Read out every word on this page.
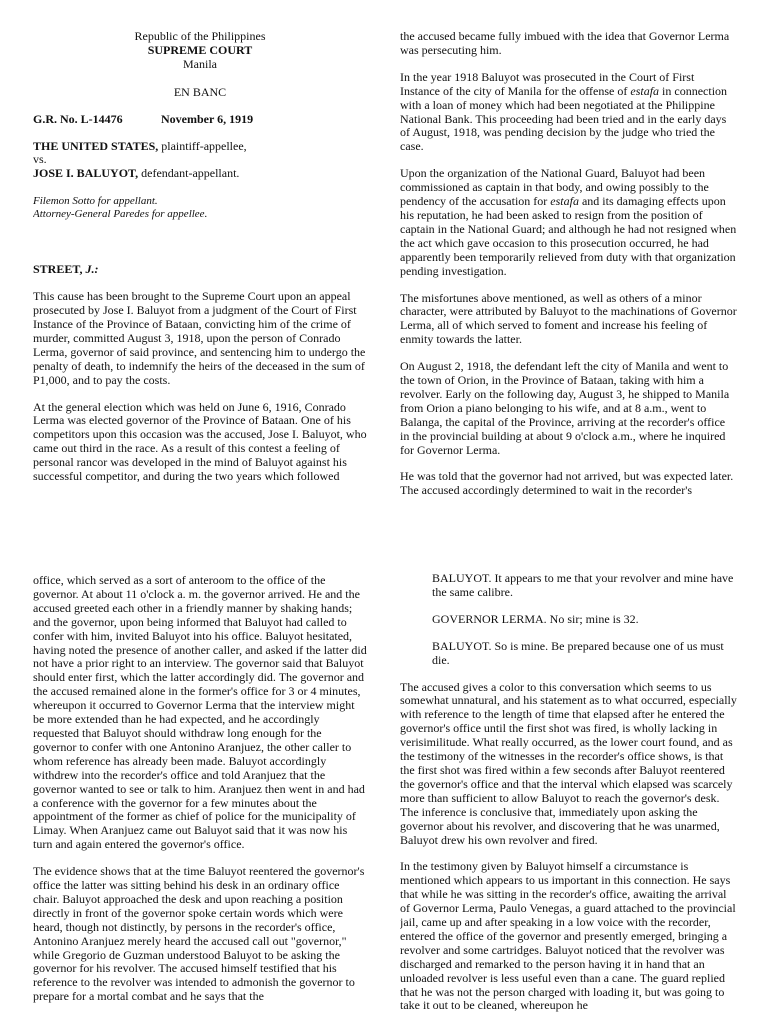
Republic of the Philippines
SUPREME COURT
Manila
EN BANC
G.R. No. L-14476	November 6, 1919
THE UNITED STATES, plaintiff-appellee,
vs.
JOSE I. BALUYOT, defendant-appellant.
Filemon Sotto for appellant.
Attorney-General Paredes for appellee.
STREET, J.:

This cause has been brought to the Supreme Court upon an appeal prosecuted by Jose I. Baluyot from a judgment of the Court of First Instance of the Province of Bataan, convicting him of the crime of murder, committed August 3, 1918, upon the person of Conrado Lerma, governor of said province, and sentencing him to undergo the penalty of death, to indemnify the heirs of the deceased in the sum of P1,000, and to pay the costs.

At the general election which was held on June 6, 1916, Conrado Lerma was elected governor of the Province of Bataan. One of his competitors upon this occasion was the accused, Jose I. Baluyot, who came out third in the race. As a result of this contest a feeling of personal rancor was developed in the mind of Baluyot against his successful competitor, and during the two years which followed

the accused became fully imbued with the idea that Governor Lerma was persecuting him.

In the year 1918 Baluyot was prosecuted in the Court of First Instance of the city of Manila for the offense of estafa in connection with a loan of money which had been negotiated at the Philippine National Bank. This proceeding had been tried and in the early days of August, 1918, was pending decision by the judge who tried the case.

Upon the organization of the National Guard, Baluyot had been commissioned as captain in that body, and owing possibly to the pendency of the accusation for estafa and its damaging effects upon his reputation, he had been asked to resign from the position of captain in the National Guard; and although he had not resigned when the act which gave occasion to this prosecution occurred, he had apparently been temporarily relieved from duty with that organization pending investigation.

The misfortunes above mentioned, as well as others of a minor character, were attributed by Baluyot to the machinations of Governor Lerma, all of which served to foment and increase his feeling of enmity towards the latter.

On August 2, 1918, the defendant left the city of Manila and went to the town of Orion, in the Province of Bataan, taking with him a revolver. Early on the following day, August 3, he shipped to Manila from Orion a piano belonging to his wife, and at 8 a.m., went to Balanga, the capital of the Province, arriving at the recorder's office in the provincial building at about 9 o'clock a.m., where he inquired for Governor Lerma.

He was told that the governor had not arrived, but was expected later. The accused accordingly determined to wait in the recorder's

office, which served as a sort of anteroom to the office of the governor. At about 11 o'clock a. m. the governor arrived. He and the accused greeted each other in a friendly manner by shaking hands; and the governor, upon being informed that Baluyot had called to confer with him, invited Baluyot into his office. Baluyot hesitated, having noted the presence of another caller, and asked if the latter did not have a prior right to an interview. The governor said that Baluyot should enter first, which the latter accordingly did. The governor and the accused remained alone in the former's office for 3 or 4 minutes, whereupon it occurred to Governor Lerma that the interview might be more extended than he had expected, and he accordingly requested that Baluyot should withdraw long enough for the governor to confer with one Antonino Aranjuez, the other caller to whom reference has already been made. Baluyot accordingly withdrew into the recorder's office and told Aranjuez that the governor wanted to see or talk to him. Aranjuez then went in and had a conference with the governor for a few minutes about the appointment of the former as chief of police for the municipality of Limay. When Aranjuez came out Baluyot said that it was now his turn and again entered the governor's office.

The evidence shows that at the time Baluyot reentered the governor's office the latter was sitting behind his desk in an ordinary office chair. Baluyot approached the desk and upon reaching a position directly in front of the governor spoke certain words which were heard, though not distinctly, by persons in the recorder's office, Antonino Aranjuez merely heard the accused call out "governor," while Gregorio de Guzman understood Baluyot to be asking the governor for his revolver. The accused himself testified that his reference to the revolver was intended to admonish the governor to prepare for a mortal combat and he says that the

BALUYOT. It appears to me that your revolver and mine have the same calibre.

GOVERNOR LERMA. No sir; mine is 32.

BALUYOT. So is mine. Be prepared because one of us must die.

The accused gives a color to this conversation which seems to us somewhat unnatural, and his statement as to what occurred, especially with reference to the length of time that elapsed after he entered the governor's office until the first shot was fired, is wholly lacking in verisimilitude. What really occurred, as the lower court found, and as the testimony of the witnesses in the recorder's office shows, is that the first shot was fired within a few seconds after Baluyot reentered the governor's office and that the interval which elapsed was scarcely more than sufficient to allow Baluyot to reach the governor's desk. The inference is conclusive that, immediately upon asking the governor about his revolver, and discovering that he was unarmed, Baluyot drew his own revolver and fired.

In the testimony given by Baluyot himself a circumstance is mentioned which appears to us important in this connection. He says that while he was sitting in the recorder's office, awaiting the arrival of Governor Lerma, Paulo Venegas, a guard attached to the provincial jail, came up and after speaking in a low voice with the recorder, entered the office of the governor and presently emerged, bringing a revolver and some cartridges. Baluyot noticed that the revolver was discharged and remarked to the person having it in hand that an unloaded revolver is less useful even than a cane. The guard replied that he was not the person charged with loading it, but was going to take it out to be cleaned, whereupon he
